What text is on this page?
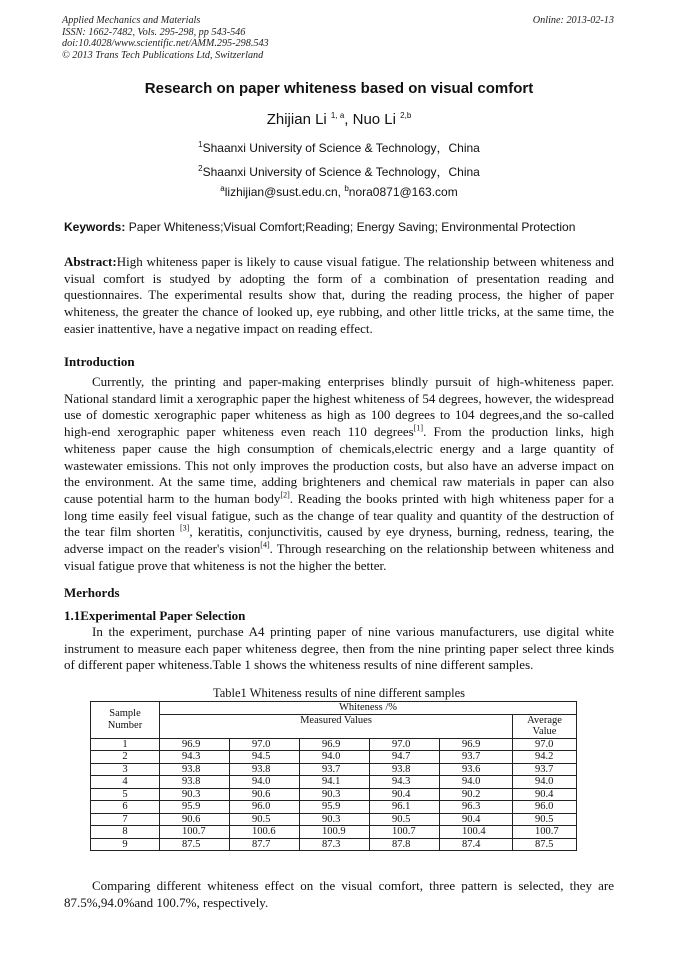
Applied Mechanics and Materials
ISSN: 1662-7482, Vols. 295-298, pp 543-546
doi:10.4028/www.scientific.net/AMM.295-298.543
© 2013 Trans Tech Publications Ltd, Switzerland
Online: 2013-02-13
Research on paper whiteness based on visual comfort
Zhijian Li $^{1, a}$, Nuo Li $^{2,b}$
$^1$Shaanxi University of Science & Technology，China
$^2$Shaanxi University of Science & Technology，China
$^a$lizhijian@sust.edu.cn, $^b$nora0871@163.com
Keywords: Paper Whiteness;Visual Comfort;Reading; Energy Saving; Environmental Protection
Abstract:High whiteness paper is likely to cause visual fatigue. The relationship between whiteness and visual comfort is studyed by adopting the form of a combination of presentation reading and questionnaires. The experimental results show that, during the reading process, the higher of paper whiteness, the greater the chance of looked up, eye rubbing, and other little tricks, at the same time, the easier inattentive, have a negative impact on reading effect.
Introduction
Currently, the printing and paper-making enterprises blindly pursuit of high-whiteness paper. National standard limit a xerographic paper the highest whiteness of 54 degrees, however, the widespread use of domestic xerographic paper whiteness as high as 100 degrees to 104 degrees,and the so-called high-end xerographic paper whiteness even reach 110 degrees[1]. From the production links, high whiteness paper cause the high consumption of chemicals,electric energy and a large quantity of wastewater emissions. This not only improves the production costs, but also have an adverse impact on the environment. At the same time, adding brighteners and chemical raw materials in paper can also cause potential harm to the human body[2]. Reading the books printed with high whiteness paper for a long time easily feel visual fatigue, such as the change of tear quality and quantity of the destruction of the tear film shorten [3], keratitis, conjunctivitis, caused by eye dryness, burning, redness, tearing, the adverse impact on the reader's vision[4]. Through researching on the relationship between whiteness and visual fatigue prove that whiteness is not the higher the better.
Merhords
1.1Experimental Paper Selection
In the experiment, purchase A4 printing paper of nine various manufacturers, use digital white instrument to measure each paper whiteness degree, then from the nine printing paper select three kinds of different paper whiteness.Table 1 shows the whiteness results of nine different samples.
Table1 Whiteness results of nine different samples
Sample Number	Whiteness /%					
	Measured Values					Average Value
1	96.9	97.0	96.9	97.0	96.9	97.0
2	94.3	94.5	94.0	94.7	93.7	94.2
3	93.8	93.8	93.7	93.8	93.6	93.7
4	93.8	94.0	94.1	94.3	94.0	94.0
5	90.3	90.6	90.3	90.4	90.2	90.4
6	95.9	96.0	95.9	96.1	96.3	96.0
7	90.6	90.5	90.3	90.5	90.4	90.5
8	100.7	100.6	100.9	100.7	100.4	100.7
9	87.5	87.7	87.3	87.8	87.4	87.5
Comparing different whiteness effect on the visual comfort, three pattern is selected, they are 87.5%,94.0%and 100.7%, respectively.
